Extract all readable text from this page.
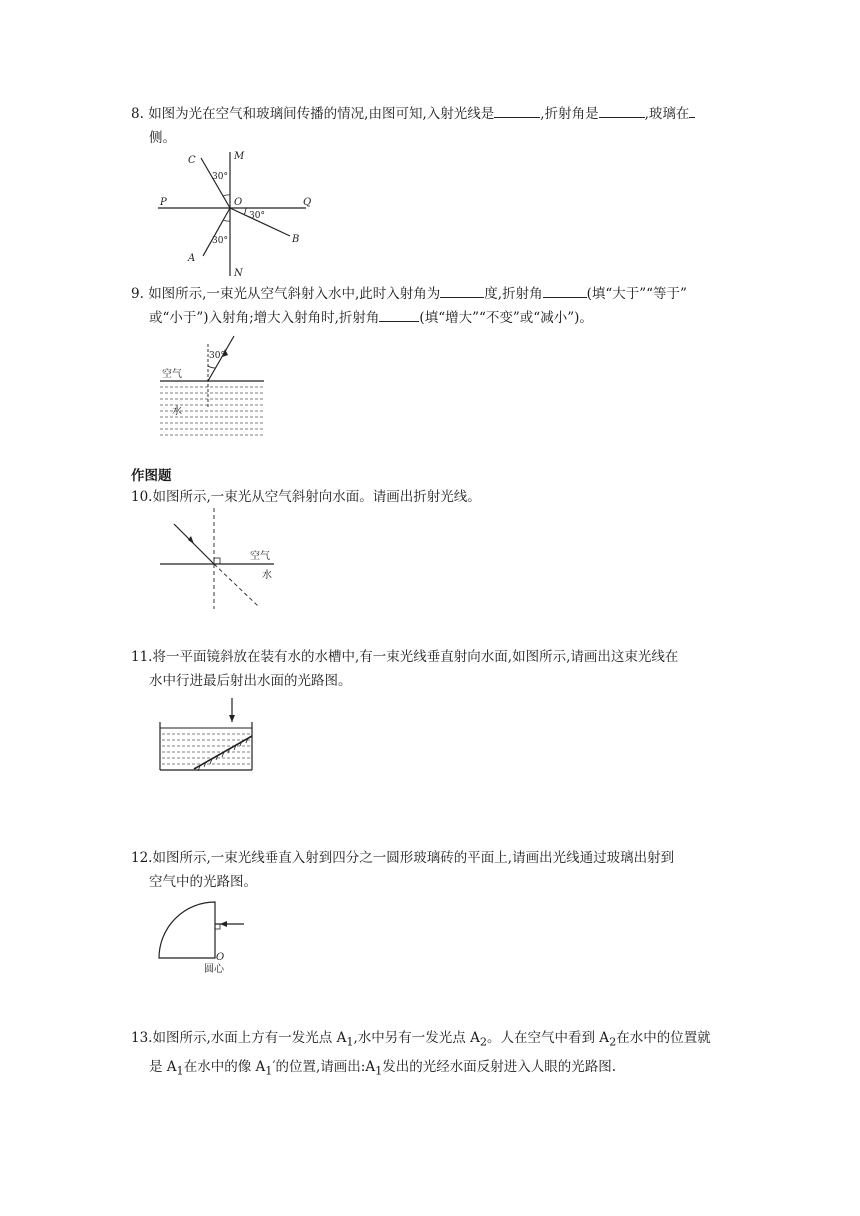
8. 如图为光在空气和玻璃间传播的情况,由图可知,入射光线是	,折射角是	,玻璃在
侧。
C	M
P	O	Q
A
B
N
30°
30°
30°
9. 如图所示,一束光从空气斜射入水中,此时入射角为	度,折射角	(填“大于”“等于”
或“小于”)入射角;增大入射角时,折射角	(填“增大”“不变”或“减小”)。
30°
空气
水
作图题
10.如图所示,一束光从空气斜射向水面。请画出折射光线。
空气
水
11.将一平面镜斜放在装有水的水槽中,有一束光线垂直射向水面,如图所示,请画出这束光线在
水中行进最后射出水面的光路图。
12.如图所示,一束光线垂直入射到四分之一圆形玻璃砖的平面上,请画出光线通过玻璃出射到
空气中的光路图。
O
圆心
13.如图所示,水面上方有一发光点 $A_1$,水中另有一发光点 $A_2$。人在空气中看到 $A_2$在水中的位置就
是 $A_1$在水中的像 $A_1'$的位置,请画出$:A_1$发出的光经水面反射进入人眼的光路图.
